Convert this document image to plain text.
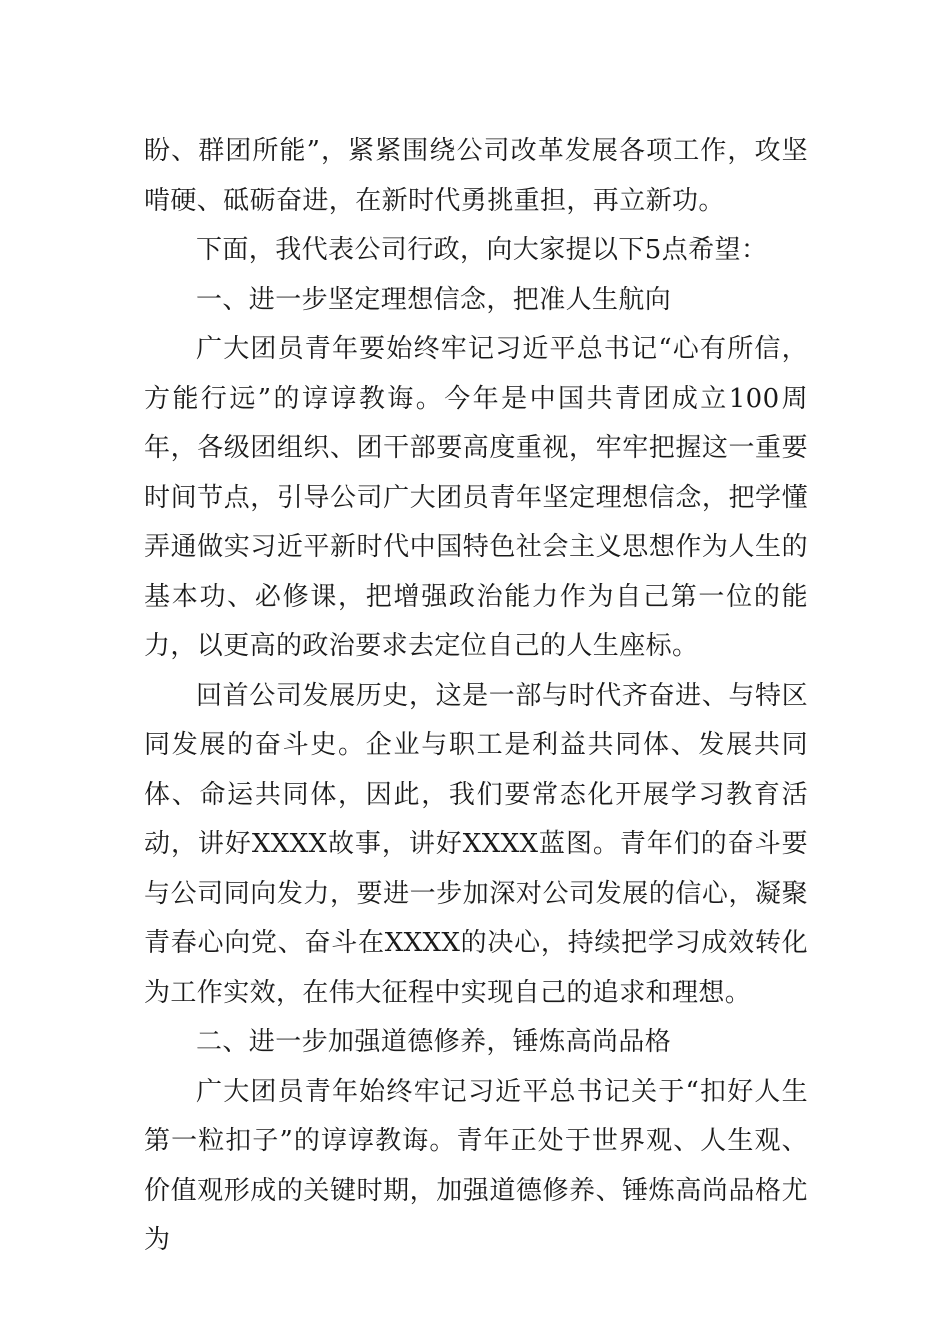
盼、群团所能”，紧紧围绕公司改革发展各项工作，攻坚啃硬、砥砺奋进，在新时代勇挑重担，再立新功。

下面，我代表公司行政，向大家提以下5点希望：

一、进一步坚定理想信念，把准人生航向

广大团员青年要始终牢记习近平总书记“心有所信，方能行远”的谆谆教诲。今年是中国共青团成立100周年，各级团组织、团干部要高度重视，牢牢把握这一重要时间节点，引导公司广大团员青年坚定理想信念，把学懂弄通做实习近平新时代中国特色社会主义思想作为人生的基本功、必修课，把增强政治能力作为自己第一位的能力，以更高的政治要求去定位自己的人生座标。

回首公司发展历史，这是一部与时代齐奋进、与特区同发展的奋斗史。企业与职工是利益共同体、发展共同体、命运共同体，因此，我们要常态化开展学习教育活动，讲好XXXX故事，讲好XXXX蓝图。青年们的奋斗要与公司同向发力，要进一步加深对公司发展的信心，凝聚青春心向党、奋斗在XXXX的决心，持续把学习成效转化为工作实效，在伟大征程中实现自己的追求和理想。

二、进一步加强道德修养，锤炼高尚品格

广大团员青年始终牢记习近平总书记关于“扣好人生第一粒扣子”的谆谆教诲。青年正处于世界观、人生观、价值观形成的关键时期，加强道德修养、锤炼高尚品格尤为
